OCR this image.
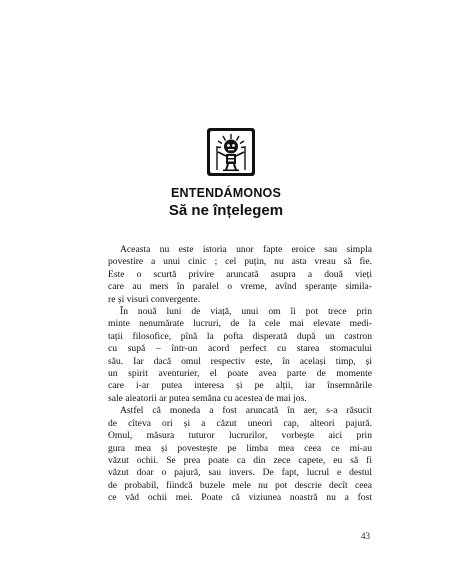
ENTENDÁMONOS
Să ne înțelegem

Aceasta nu este istoria unor fapte eroice sau simpla
povestire a unui cinic ; cel puțin, nu asta vreau să fie.
Este o scurtă privire aruncată asupra a două vieți
care au mers în paralel o vreme, avînd speranțe simila-
re și visuri convergente.

În nouă luni de viață, unui om îi pot trece prin
minte nenumărate lucruri, de la cele mai elevate medi-
tații filosofice, pînă la pofta disperată după un castron
cu supă – într-un acord perfect cu starea stomacului
său. Iar dacă omul respectiv este, în același timp, și
un spirit aventurier, el poate avea parte de momente
care i-ar putea interesa și pe alții, iar însemnările
sale aleatorii ar putea semăna cu acestea de mai jos.

Astfel că moneda a fost aruncată în aer, s-a răsucit
de cîteva ori și a căzut uneori cap, alteori pajură.
Omul, măsura tuturor lucrurilor, vorbește aici prin
gura mea și povestește pe limba mea ceea ce mi-au
văzut ochii. Se prea poate ca din zece capete, eu să fi
văzut doar o pajură, sau invers. De fapt, lucrul e destul
de probabil, fiindcă buzele mele nu pot descrie decît ceea
ce văd ochii mei. Poate că viziunea noastră nu a fost

43
